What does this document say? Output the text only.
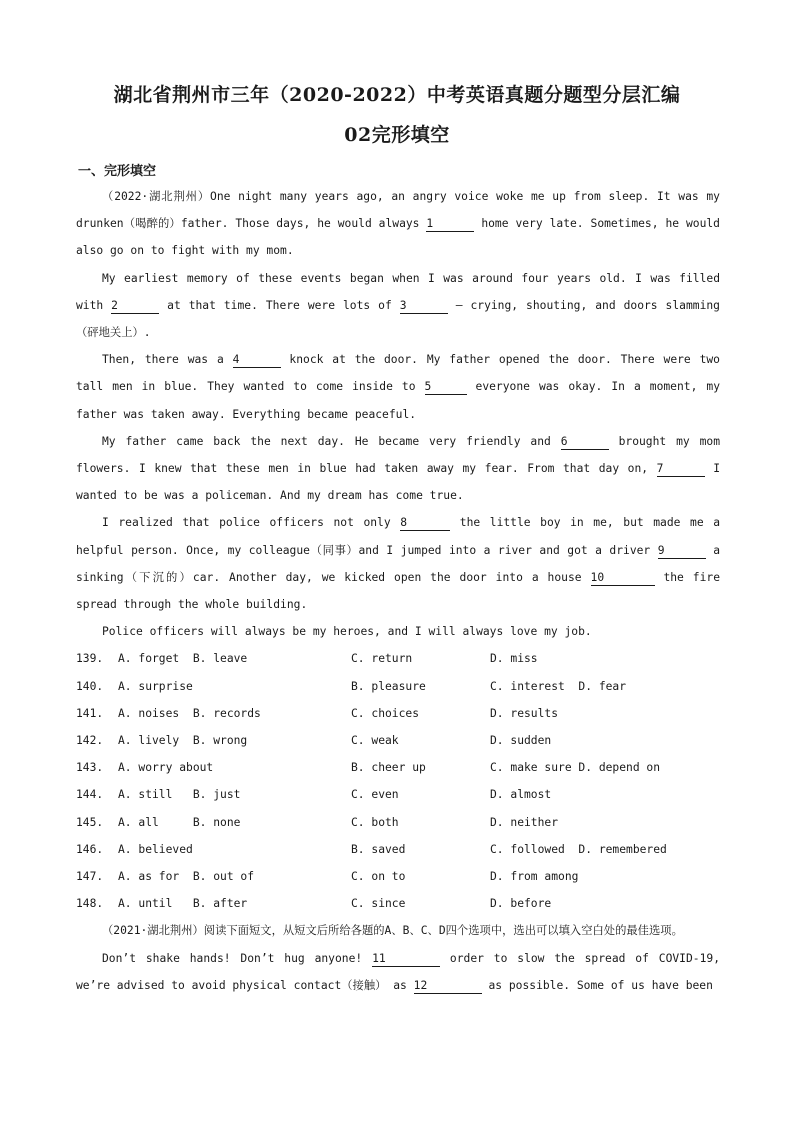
湖北省荆州市三年（2020-2022）中考英语真题分题型分层汇编
02完形填空
一、完形填空

（2022·湖北荆州）One night many years ago, an angry voice woke me up from sleep. It was my drunken（喝醉的）father. Those days, he would always 1	home very late. Sometimes, he would also go on to fight with my mom.

My earliest memory of these events began when I was around four years old. I was filled with 2	at that time. There were lots of 3	— crying, shouting, and doors slamming（砰地关上）.

Then, there was a 4	knock at the door. My father opened the door. There were two tall men in blue. They wanted to come inside to 5	everyone was okay. In a moment, my father was taken away. Everything became peaceful.

My father came back the next day. He became very friendly and 6	brought my mom flowers. I knew that these men in blue had taken away my fear. From that day on, 7	I wanted to be was a policeman. And my dream has come true.

I realized that police officers not only 8	the little boy in me, but made me a helpful person. Once, my colleague（同事）and I jumped into a river and got a driver 9	a sinking（下沉的）car. Another day, we kicked open the door into a house 10	the fire spread through the whole building.

Police officers will always be my heroes, and I will always love my job.

139. A. forget  B. leave	C. return	D. miss
140. A. surprise	B. pleasure	C. interest  D. fear
141. A. noises  B. records	C. choices	D. results
142. A. lively  B. wrong	C. weak	D. sudden
143. A. worry about	B. cheer up	C. make sure D. depend on
144. A. still   B. just	C. even	D. almost
145. A. all     B. none	C. both	D. neither
146. A. believed	B. saved	C. followed  D. remembered
147. A. as for  B. out of	C. on to	D. from among
148. A. until   B. after	C. since	D. before

（2021·湖北荆州）阅读下面短文，从短文后所给各题的A、B、C、D四个选项中，选出可以填入空白处的最佳选项。

Don’t shake hands! Don’t hug anyone! 11	order to slow the spread of COVID-19, we’re advised to avoid physical contact（接触） as 12	as possible. Some of us have been
